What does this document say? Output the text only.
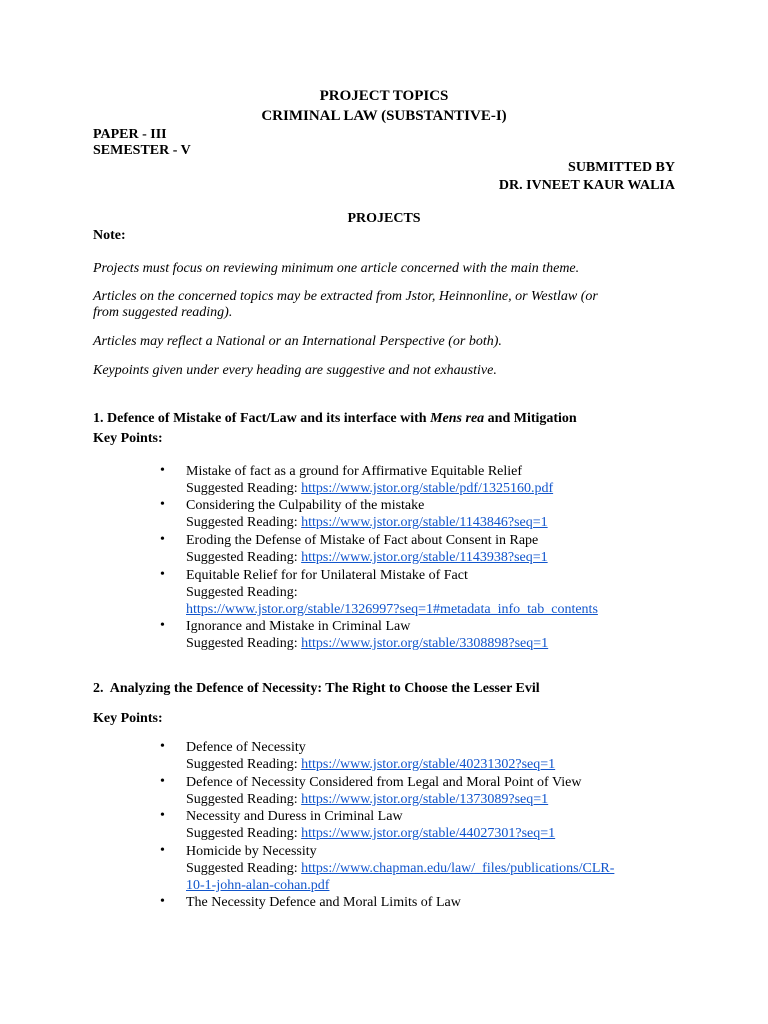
PROJECT TOPICS
CRIMINAL LAW (SUBSTANTIVE-I)
PAPER - III
SEMESTER - V
SUBMITTED BY
DR. IVNEET KAUR WALIA
PROJECTS
Note:
Projects must focus on reviewing minimum one article concerned with the main theme.
Articles on the concerned topics may be extracted from Jstor, Heinnonline, or Westlaw (or
from suggested reading).
Articles may reflect a National or an International Perspective (or both).
Keypoints given under every heading are suggestive and not exhaustive.
1. Defence of Mistake of Fact/Law and its interface with Mens rea and Mitigation
Key Points:
• Mistake of fact as a ground for Affirmative Equitable Relief
Suggested Reading: https://www.jstor.org/stable/pdf/1325160.pdf
• Considering the Culpability of the mistake
Suggested Reading: https://www.jstor.org/stable/1143846?seq=1
• Eroding the Defense of Mistake of Fact about Consent in Rape
Suggested Reading: https://www.jstor.org/stable/1143938?seq=1
• Equitable Relief for for Unilateral Mistake of Fact
Suggested Reading:
https://www.jstor.org/stable/1326997?seq=1#metadata_info_tab_contents
• Ignorance and Mistake in Criminal Law
Suggested Reading: https://www.jstor.org/stable/3308898?seq=1
2.  Analyzing the Defence of Necessity: The Right to Choose the Lesser Evil
Key Points:
• Defence of Necessity
Suggested Reading: https://www.jstor.org/stable/40231302?seq=1
• Defence of Necessity Considered from Legal and Moral Point of View
Suggested Reading: https://www.jstor.org/stable/1373089?seq=1
• Necessity and Duress in Criminal Law
Suggested Reading: https://www.jstor.org/stable/44027301?seq=1
• Homicide by Necessity
Suggested Reading: https://www.chapman.edu/law/_files/publications/CLR-
10-1-john-alan-cohan.pdf
• The Necessity Defence and Moral Limits of Law
